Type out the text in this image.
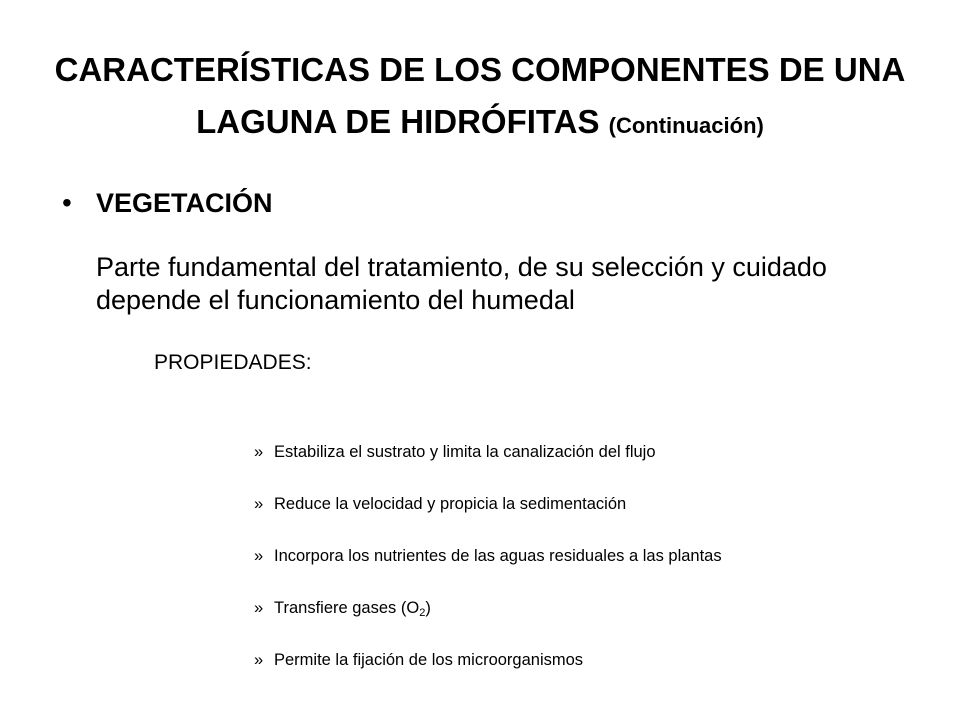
CARACTERÍSTICAS DE LOS COMPONENTES DE UNA LAGUNA DE HIDRÓFITAS (Continuación)
• VEGETACIÓN

Parte fundamental del tratamiento, de su selección y cuidado depende el funcionamiento del humedal

PROPIEDADES:
» Estabiliza el sustrato y limita la canalización del flujo
» Reduce la velocidad y propicia la sedimentación
» Incorpora los nutrientes de las aguas residuales a las plantas
» Transfiere gases $(O_2)$
» Permite la fijación de los microorganismos
